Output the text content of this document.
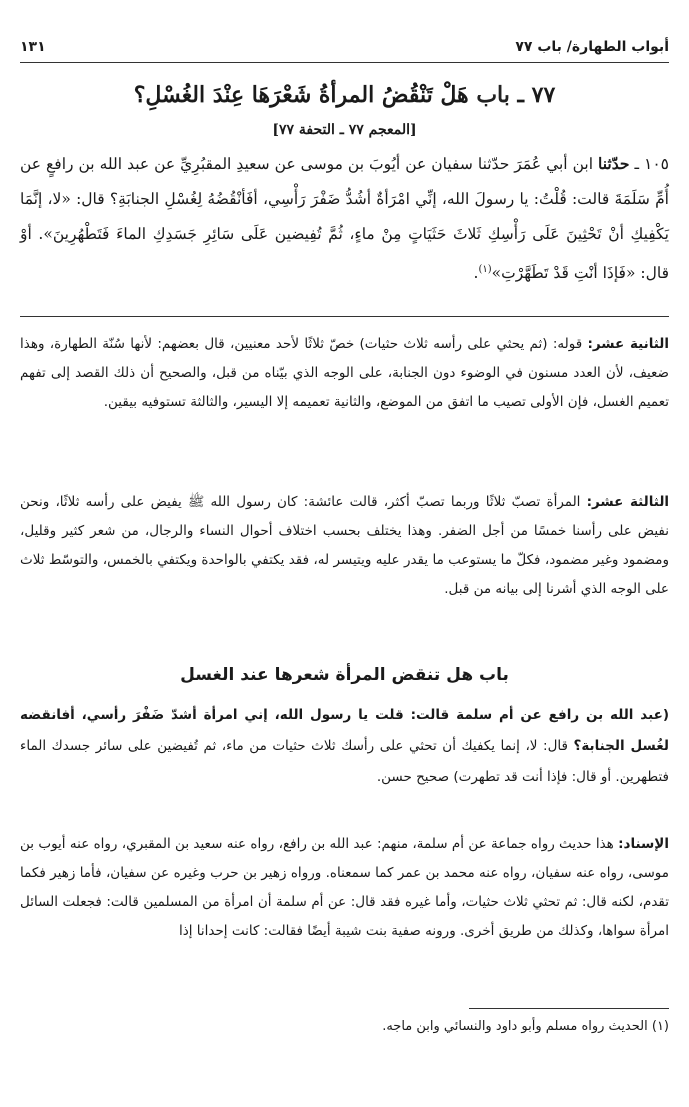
أبواب الطهارة/ باب ٧٧
١٣١
٧٧ ـ باب هَلْ تَنْقُضُ المرأةُ شَعْرَهَا عِنْدَ الغُسْلِ؟
[المعجم ٧٧ ـ التحفة ٧٧]
١٠٥ ـ حدّثنا ابن أبي عُمَرَ حدّثنا سفيان عن أيُوبَ بن موسى عن سعيدِ المقبُرِيِّ عن عبد الله بن رافعٍ عن أُمِّ سَلَمَةَ قالت: قُلْتُ: يا رسولَ الله، إنِّي امْرَأةٌ أشُدُّ ضَفْرَ رَأْسِي، أفَأنْقُضُهُ لِغُسْلِ الجنابَةِ؟ قال: «لا، إنَّمَا يَكْفِيكِ أنْ تَحْثِينَ عَلَى رَأْسِكِ ثَلاثَ حَثَيَاتٍ مِنْ ماءٍ، ثُمَّ تُفِيضين عَلَى سَائِرِ جَسَدِكِ الماءَ فَتَطْهُرِينَ». أوْ قال: «فَإذَا أنْتِ قَدْ تَطَهَّرْتِ»$^{(١)}$.
الثانية عشر: قوله: (ثم يحثي على رأسه ثلاث حثيات) خصّ ثلاثًا لأحد معنيين، قال بعضهم: لأنها سُنّة الطهارة، وهذا ضعيف، لأن العدد مسنون في الوضوء دون الجنابة، على الوجه الذي بيّناه من قبل، والصحيح أن ذلك القصد إلى تفهم تعميم الغسل، فإن الأولى تصيب ما اتفق من الموضع، والثانية تعميمه إلا اليسير، والثالثة تستوفيه بيقين.
الثالثة عشر: المرأة تصبّ ثلاثًا وربما تصبّ أكثر، قالت عائشة: كان رسول الله ﷺ يفيض على رأسه ثلاثًا، ونحن نفيض على رأسنا خمسًا من أجل الضفر. وهذا يختلف بحسب اختلاف أحوال النساء والرجال، من شعر كثير وقليل، ومضمود وغير مضمود، فكلّ ما يستوعب ما يقدر عليه ويتيسر له، فقد يكتفي بالواحدة ويكتفي بالخمس، والتوسّط ثلاث على الوجه الذي أشرنا إلى بيانه من قبل.
باب هل تنقض المرأة شعرها عند الغسل
(عبد الله بن رافع عن أم سلمة قالت: قلت يا رسول الله، إني امرأة أشدّ ضَفْرَ رأسي، أفانقضه لغُسل الجنابة؟ قال: لا، إنما يكفيك أن تحثي على رأسك ثلاث حثيات من ماء، ثم تُفيضين على سائر جسدك الماء فتطهرين. أو قال: فإذا أنت قد تطهرت) صحيح حسن.
الإسناد: هذا حديث رواه جماعة عن أم سلمة، منهم: عبد الله بن رافع، رواه عنه سعيد بن المقبري، رواه عنه أيوب بن موسى، رواه عنه سفيان، رواه عنه محمد بن عمر كما سمعناه. ورواه زهير بن حرب وغيره عن سفيان، فأما زهير فكما تقدم، لكنه قال: ثم تحثي ثلاث حثيات، وأما غيره فقد قال: عن أم سلمة أن امرأة من المسلمين قالت: فجعلت السائل امرأة سواها، وكذلك من طريق أخرى. ورونه صفية بنت شيبة أيضًا فقالت: كانت إحدانا إذا
(١) الحديث رواه مسلم وأبو داود والنسائي وابن ماجه.
